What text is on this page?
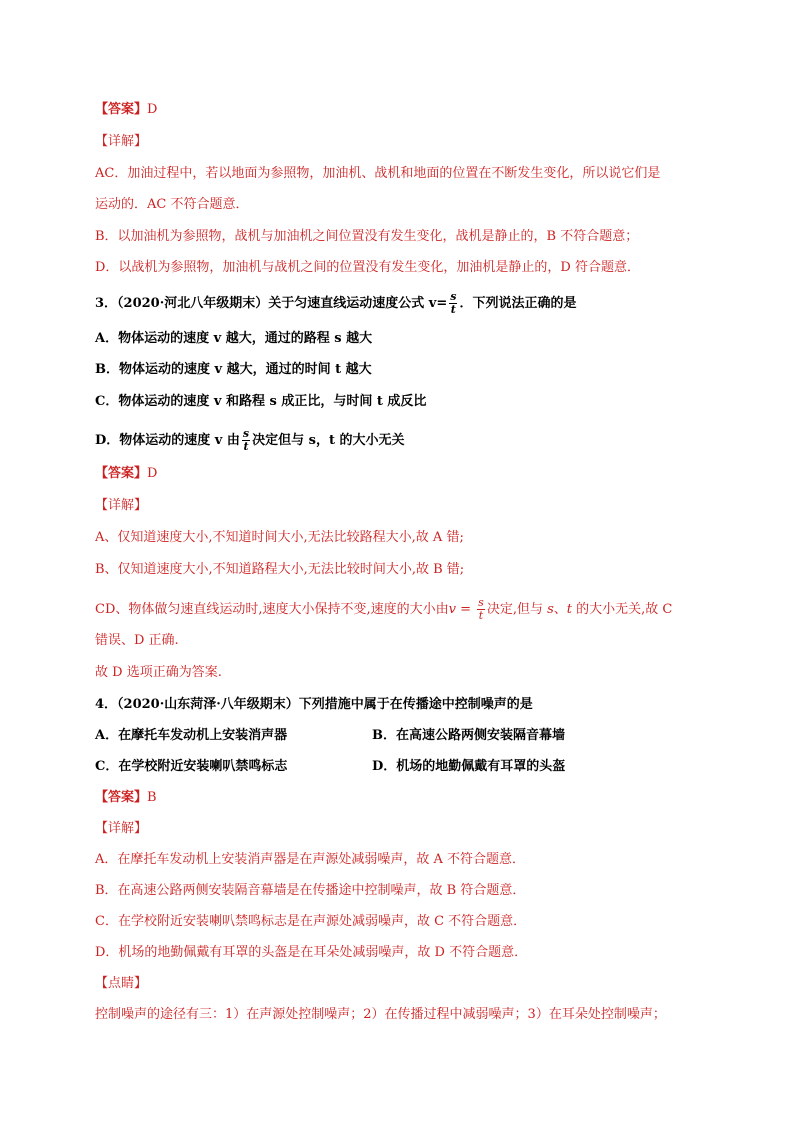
【答案】D
【详解】
AC．加油过程中，若以地面为参照物，加油机、战机和地面的位置在不断发生变化，所以说它们是
运动的．AC 不符合题意．
B．以加油机为参照物，战机与加油机之间位置没有发生变化，战机是静止的，B 不符合题意；
D．以战机为参照物，加油机与战机之间的位置没有发生变化，加油机是静止的，D 符合题意．
3．（2020·河北八年级期末）关于匀速直线运动速度公式 $v= \frac{s}{t}$ ．下列说法正确的是
A．物体运动的速度 v 越大，通过的路程 s 越大
B．物体运动的速度 v 越大，通过的时间 t 越大
C．物体运动的速度 v 和路程 s 成正比，与时间 t 成反比
D．物体运动的速度 v 由 $\frac{s}{t}$ 决定但与 s，t 的大小无关
【答案】D
【详解】
A、仅知道速度大小,不知道时间大小,无法比较路程大小,故 A 错;
B、仅知道速度大小,不知道路程大小,无法比较时间大小,故 B 错;
CD、物体做匀速直线运动时,速度大小保持不变,速度的大小由$v = \frac{s}{t}$ 决定,但与 s、t 的大小无关,故 C
错误、D 正确.
故 D 选项正确为答案.
4．（2020·山东菏泽·八年级期末）下列措施中属于在传播途中控制噪声的是
A．在摩托车发动机上安装消声器	B．在高速公路两侧安装隔音幕墙
C．在学校附近安装喇叭禁鸣标志	D．机场的地勤佩戴有耳罩的头盔
【答案】B
【详解】
A．在摩托车发动机上安装消声器是在声源处减弱噪声，故 A 不符合题意．
B．在高速公路两侧安装隔音幕墙是在传播途中控制噪声，故 B 符合题意．
C．在学校附近安装喇叭禁鸣标志是在声源处减弱噪声，故 C 不符合题意．
D．机场的地勤佩戴有耳罩的头盔是在耳朵处减弱噪声，故 D 不符合题意．
【点睛】
控制噪声的途径有三：1）在声源处控制噪声；2）在传播过程中减弱噪声；3）在耳朵处控制噪声；
